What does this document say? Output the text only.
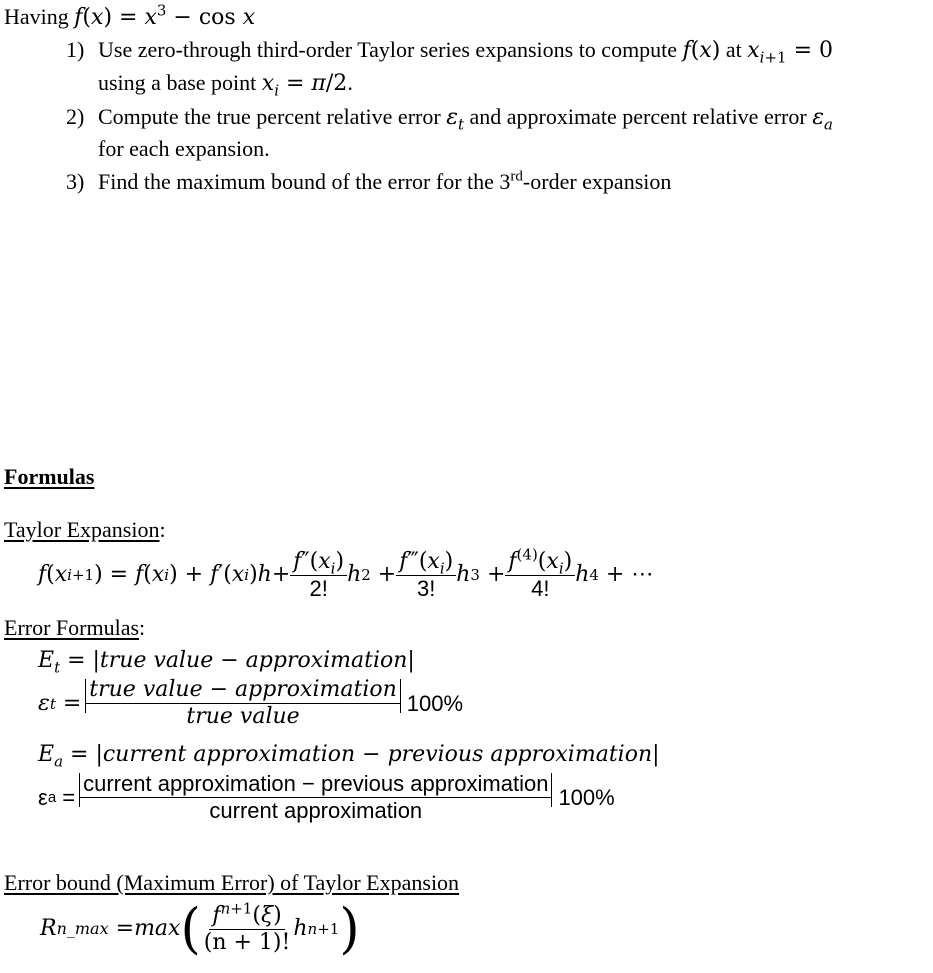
Having $f(x) = x^3 - \cos x$
1) Use zero-through third-order Taylor series expansions to compute f(x) at $x_{i+1} = 0$
using a base point $x_i = \pi/2$.
2) Compute the true percent relative error $\varepsilon_t$ and approximate percent relative error $\varepsilon_a$
for each expansion.
3) Find the maximum bound of the error for the 3rd-order expansion
Formulas
Taylor Expansion:
f ( x i +1 ) = f ( x i ) + f ′( x i ) $h + \frac{f''(x_i)}{2!}$ h $2 + \frac{f‴(x_i)}{3!}$ h $3 + \frac{f^{(4)}(x_i)}{4!}$ h 4 + ⋯
Error Formulas:
$E_t$ = |true value − approximation|
ε $t = \frac{\text{true value − approximation}}{\text{true value}} 100\%$
$E_a$ = |current approximation − previous approximation|
ε $a = \frac{\text{current approximation − previous approximation}}{\text{current approximation}} 100\%$
Error bound (Maximum Error) of Taylor Expansion
R n_max = max ( $\frac{f^{n+1}(\xi)}{(n + 1)!}$ h n +1 )
